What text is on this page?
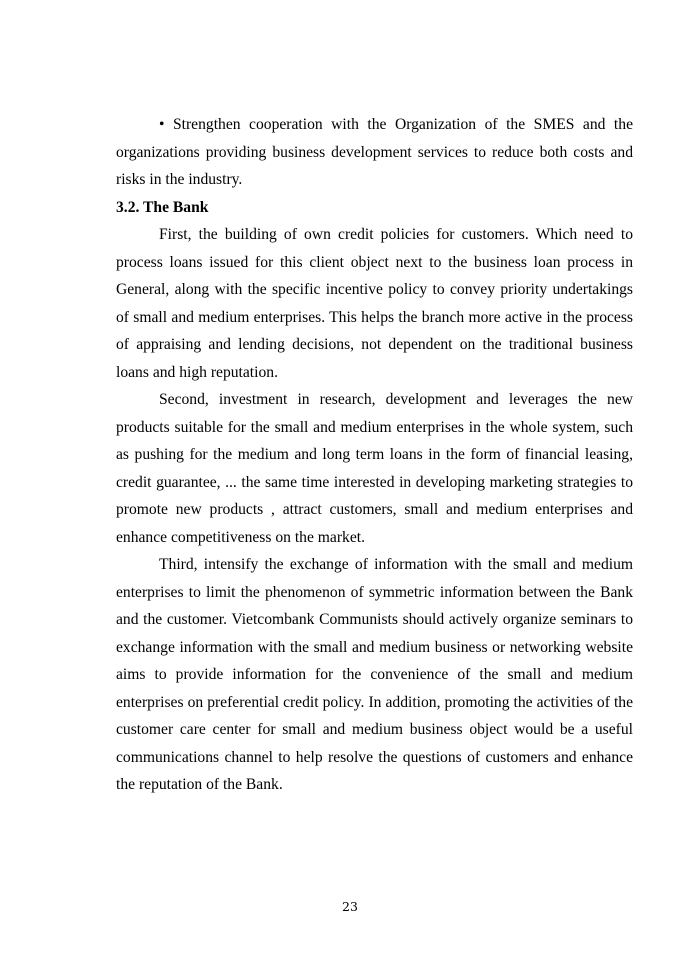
• Strengthen cooperation with the Organization of the SMES and the organizations providing business development services to reduce both costs and risks in the industry.

3.2. The Bank

First, the building of own credit policies for customers. Which need to process loans issued for this client object next to the business loan process in General, along with the specific incentive policy to convey priority undertakings of small and medium enterprises. This helps the branch more active in the process of appraising and lending decisions, not dependent on the traditional business loans and high reputation.

Second, investment in research, development and leverages the new products suitable for the small and medium enterprises in the whole system, such as pushing for the medium and long term loans in the form of financial leasing, credit guarantee, ... the same time interested in developing marketing strategies to promote new products , attract customers, small and medium enterprises and enhance competitiveness on the market.

Third, intensify the exchange of information with the small and medium enterprises to limit the phenomenon of symmetric information between the Bank and the customer. Vietcombank Communists should actively organize seminars to exchange information with the small and medium business or networking website aims to provide information for the convenience of the small and medium enterprises on preferential credit policy. In addition, promoting the activities of the customer care center for small and medium business object would be a useful communications channel to help resolve the questions of customers and enhance the reputation of the Bank.

23
